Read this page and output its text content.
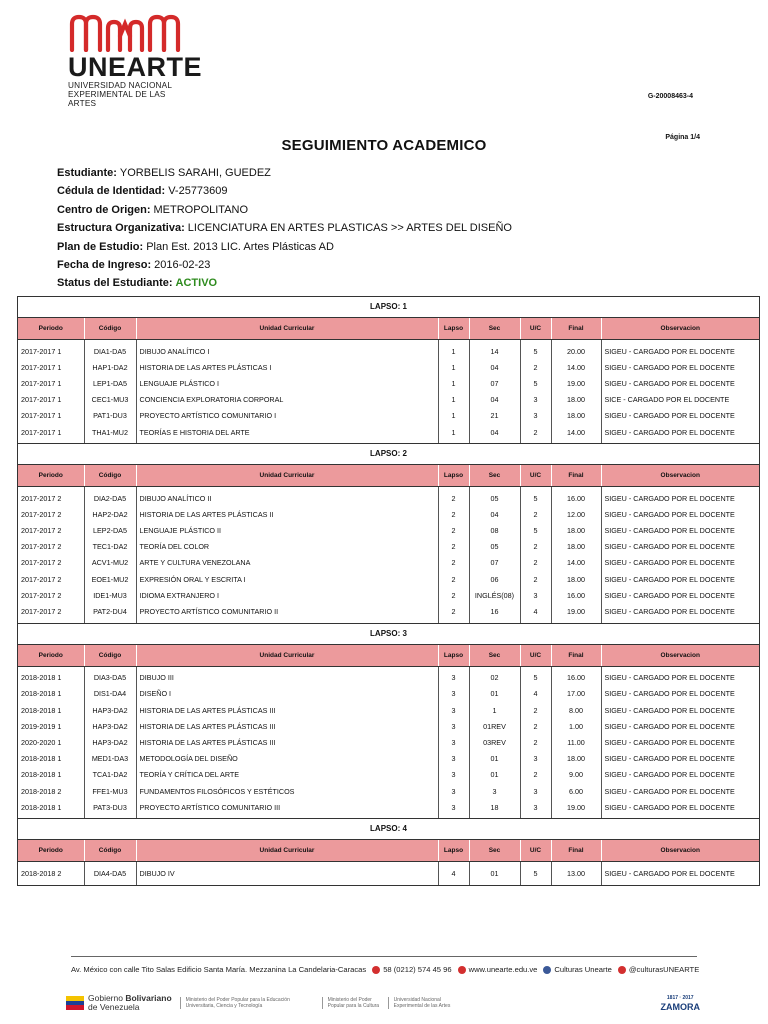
UNEARTE
UNIVERSIDAD NACIONAL
EXPERIMENTAL DE LAS ARTES
G-20008463-4
Página 1/4
SEGUIMIENTO ACADEMICO
Estudiante: YORBELIS SARAHI, GUEDEZ
Cédula de Identidad: V-25773609
Centro de Origen: METROPOLITANO
Estructura Organizativa: LICENCIATURA EN ARTES PLASTICAS >> ARTES DEL DISEÑO
Plan de Estudio: Plan Est. 2013 LIC. Artes Plásticas AD
Fecha de Ingreso: 2016-02-23
Status del Estudiante: ACTIVO
LAPSO: 1
Periodo	Código	Unidad Curricular	Lapso	Sec	U/C	Final	Observacion

2017-2017 1	DIA1-DA5	DIBUJO ANALÍTICO I	1	14	5	20.00	SIGEU - CARGADO POR EL DOCENTE
2017-2017 1	HAP1-DA2	HISTORIA DE LAS ARTES PLÁSTICAS I	1	04	2	14.00	SIGEU - CARGADO POR EL DOCENTE
2017-2017 1	LEP1-DA5	LENGUAJE PLÁSTICO I	1	07	5	19.00	SIGEU - CARGADO POR EL DOCENTE
2017-2017 1	CEC1-MU3	CONCIENCIA EXPLORATORIA CORPORAL	1	04	3	18.00	SICE - CARGADO POR EL DOCENTE
2017-2017 1	PAT1-DU3	PROYECTO ARTÍSTICO COMUNITARIO I	1	21	3	18.00	SIGEU - CARGADO POR EL DOCENTE
2017-2017 1	THA1-MU2	TEORÍAS E HISTORIA DEL ARTE	1	04	2	14.00	SIGEU - CARGADO POR EL DOCENTE

LAPSO: 2
Periodo	Código	Unidad Curricular	Lapso	Sec	U/C	Final	Observacion

2017-2017 2	DIA2-DA5	DIBUJO ANALÍTICO II	2	05	5	16.00	SIGEU - CARGADO POR EL DOCENTE
2017-2017 2	HAP2-DA2	HISTORIA DE LAS ARTES PLÁSTICAS II	2	04	2	12.00	SIGEU - CARGADO POR EL DOCENTE
2017-2017 2	LEP2-DA5	LENGUAJE PLÁSTICO II	2	08	5	18.00	SIGEU - CARGADO POR EL DOCENTE
2017-2017 2	TEC1-DA2	TEORÍA DEL COLOR	2	05	2	18.00	SIGEU - CARGADO POR EL DOCENTE
2017-2017 2	ACV1-MU2	ARTE Y CULTURA VENEZOLANA	2	07	2	14.00	SIGEU - CARGADO POR EL DOCENTE
2017-2017 2	EOE1-MU2	EXPRESIÓN ORAL Y ESCRITA I	2	06	2	18.00	SIGEU - CARGADO POR EL DOCENTE
2017-2017 2	IDE1-MU3	IDIOMA EXTRANJERO I	2	INGLÉS(08)	3	16.00	SIGEU - CARGADO POR EL DOCENTE
2017-2017 2	PAT2-DU4	PROYECTO ARTÍSTICO COMUNITARIO II	2	16	4	19.00	SIGEU - CARGADO POR EL DOCENTE

LAPSO: 3
Periodo	Código	Unidad Curricular	Lapso	Sec	U/C	Final	Observacion

2018-2018 1	DIA3-DA5	DIBUJO III	3	02	5	16.00	SIGEU - CARGADO POR EL DOCENTE
2018-2018 1	DIS1-DA4	DISEÑO I	3	01	4	17.00	SIGEU - CARGADO POR EL DOCENTE
2018-2018 1	HAP3-DA2	HISTORIA DE LAS ARTES PLÁSTICAS III	3	1	2	8.00	SIGEU - CARGADO POR EL DOCENTE
2019-2019 1	HAP3-DA2	HISTORIA DE LAS ARTES PLÁSTICAS III	3	01REV	2	1.00	SIGEU - CARGADO POR EL DOCENTE
2020-2020 1	HAP3-DA2	HISTORIA DE LAS ARTES PLÁSTICAS III	3	03REV	2	11.00	SIGEU - CARGADO POR EL DOCENTE
2018-2018 1	MED1-DA3	METODOLOGÍA DEL DISEÑO	3	01	3	18.00	SIGEU - CARGADO POR EL DOCENTE
2018-2018 1	TCA1-DA2	TEORÍA Y CRÍTICA DEL ARTE	3	01	2	9.00	SIGEU - CARGADO POR EL DOCENTE
2018-2018 2	FFE1-MU3	FUNDAMENTOS FILOSÓFICOS Y ESTÉTICOS	3	3	3	6.00	SIGEU - CARGADO POR EL DOCENTE
2018-2018 1	PAT3-DU3	PROYECTO ARTÍSTICO COMUNITARIO III	3	18	3	19.00	SIGEU - CARGADO POR EL DOCENTE

LAPSO: 4
Periodo	Código	Unidad Curricular	Lapso	Sec	U/C	Final	Observacion

2018-2018 2	DIA4-DA5	DIBUJO IV	4	01	5	13.00	SIGEU - CARGADO POR EL DOCENTE

Av. México con calle Tito Salas Edificio Santa María. Mezzanina La Candelaria-Caracas 58 (0212) 574 45 96 www.unearte.edu.ve Culturas Unearte @culturasUNEARTE
Gobierno Bolivariano
de Venezuela
Ministerio del Poder Popular para la Educación Universitaria, Ciencia y Tecnología
Ministerio del Poder Popular para la Cultura
Universidad Nacional Experimental de las Artes
1817 · 2017
ZAMORA
